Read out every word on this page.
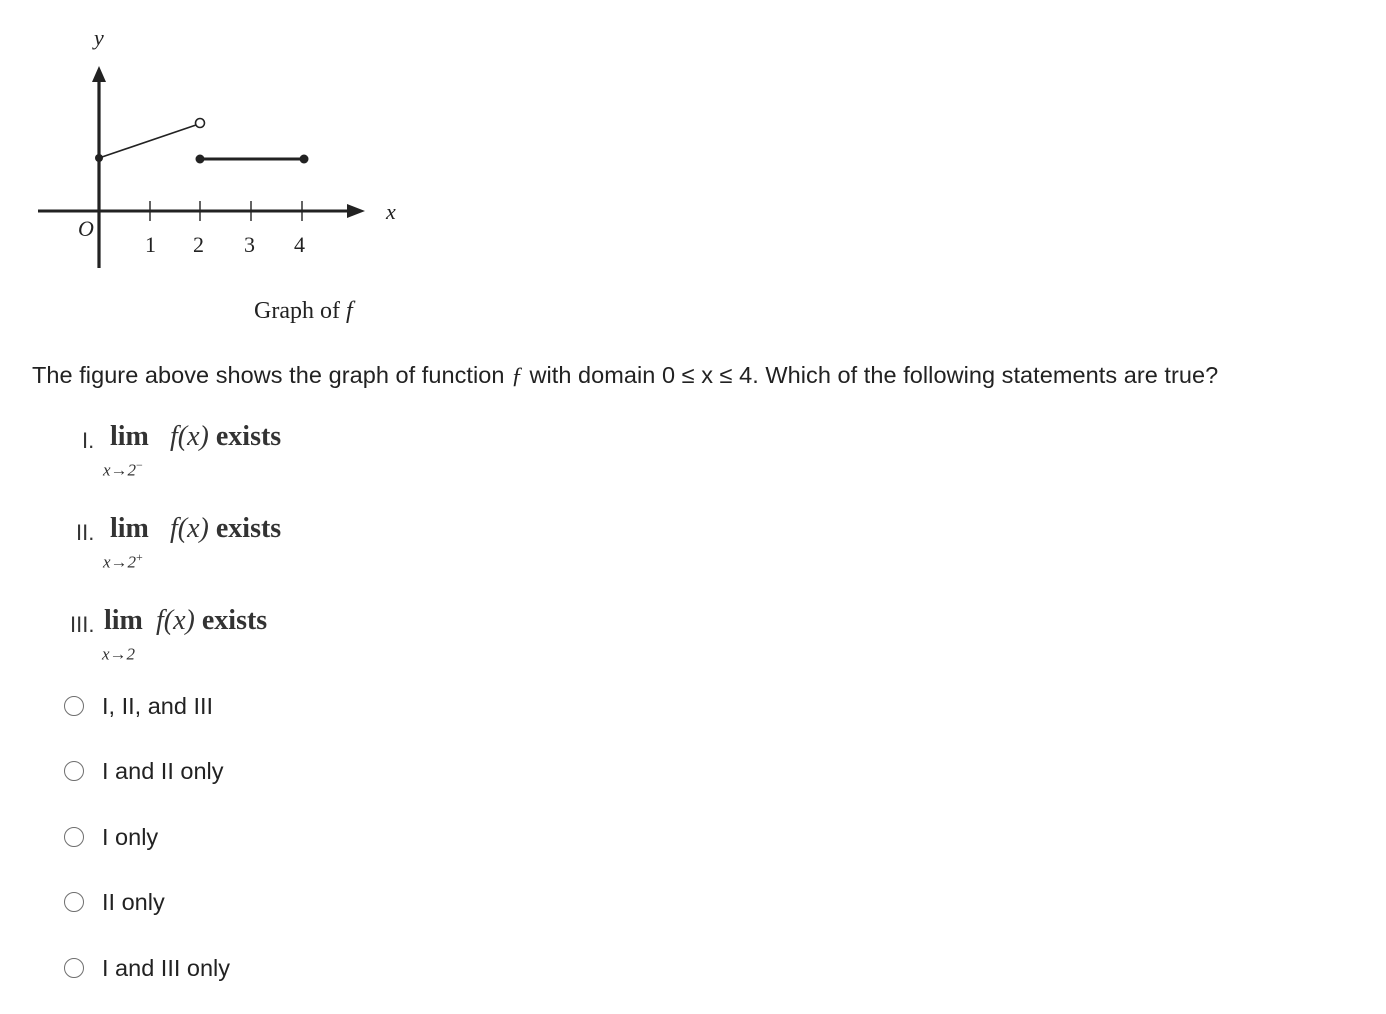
y
x
O
1 2 3 4
Graph of f

The figure above shows the graph of function ƒ with domain 0 ≤ x ≤ 4. Which of the following statements are true?

I. lim f(x) exists
x→2−
II. lim f(x) exists
x→2+
III. lim f(x) exists
x→2
I, II, and III
I and II only
I only
II only
I and III only
